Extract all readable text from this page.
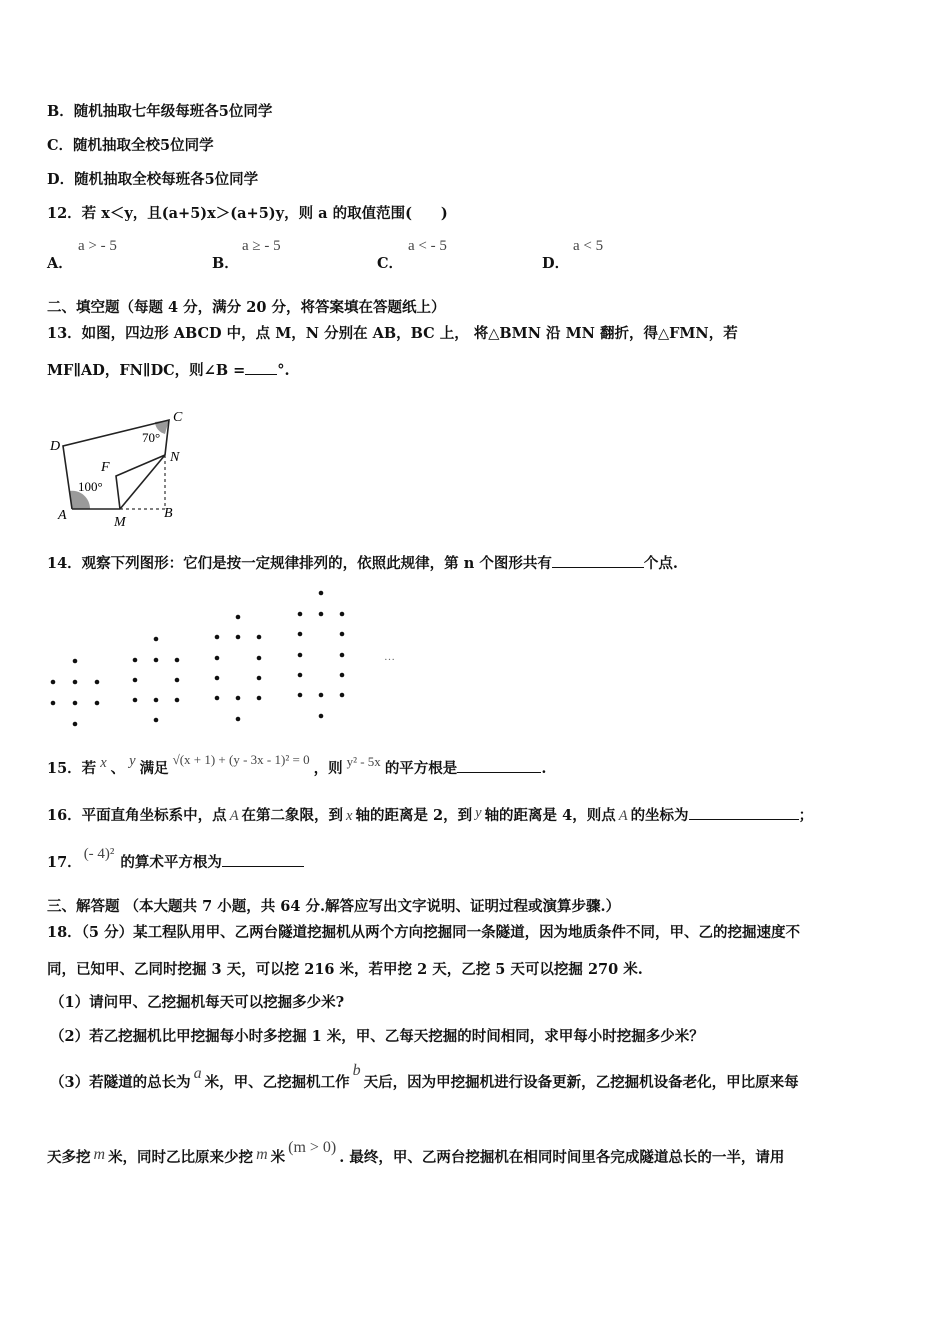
B．随机抽取七年级每班各5位同学
C．随机抽取全校5位同学
D．随机抽取全校每班各5位同学
12．若 x＜y，且(a+5)x＞(a+5)y，则 a 的取值范围(　　)
A．
a > - 5
B．
a ≥ - 5
C．
a < - 5
D．
a < 5
二、填空题（每题 4 分，满分 20 分，将答案填在答题纸上）
13．如图，四边形 ABCD 中，点 M，N 分别在 AB，BC 上， 将△BMN 沿 MN 翻折，得△FMN，若
MF∥AD，FN∥DC，则∠B = °.
D
C
N
F
A	M
B
100°
70°
14．观察下列图形：它们是按一定规律排列的，依照此规律，第 n 个图形共有	个点.
…
15．若 x 、 y 满足√(x + 1) + (y - 3x - 1)² = 0，则 y² - 5x 的平方根是	.
16．平面直角坐标系中，点 A 在第二象限，到 x 轴的距离是 2，到 y 轴的距离是 4，则点 A 的坐标为	；
17． (- 4)² 的算术平方根为
三、解答题 （本大题共 7 小题，共 64 分.解答应写出文字说明、证明过程或演算步骤.）
18．（5 分）某工程队用甲、乙两台隧道挖掘机从两个方向挖掘同一条隧道，因为地质条件不同，甲、乙的挖掘速度不
同，已知甲、乙同时挖掘 3 天，可以挖 216 米，若甲挖 2 天，乙挖 5 天可以挖掘 270 米.
（1）请问甲、乙挖掘机每天可以挖掘多少米?
（2）若乙挖掘机比甲挖掘每小时多挖掘 1 米，甲、乙每天挖掘的时间相同，求甲每小时挖掘多少米？
（3）若隧道的总长为a米，甲、乙挖掘机工作b天后，因为甲挖掘机进行设备更新，乙挖掘机设备老化，甲比原来每
天多挖 m 米，同时乙比原来少挖 m 米(m > 0). 最终，甲、乙两台挖掘机在相同时间里各完成隧道总长的一半，请用
